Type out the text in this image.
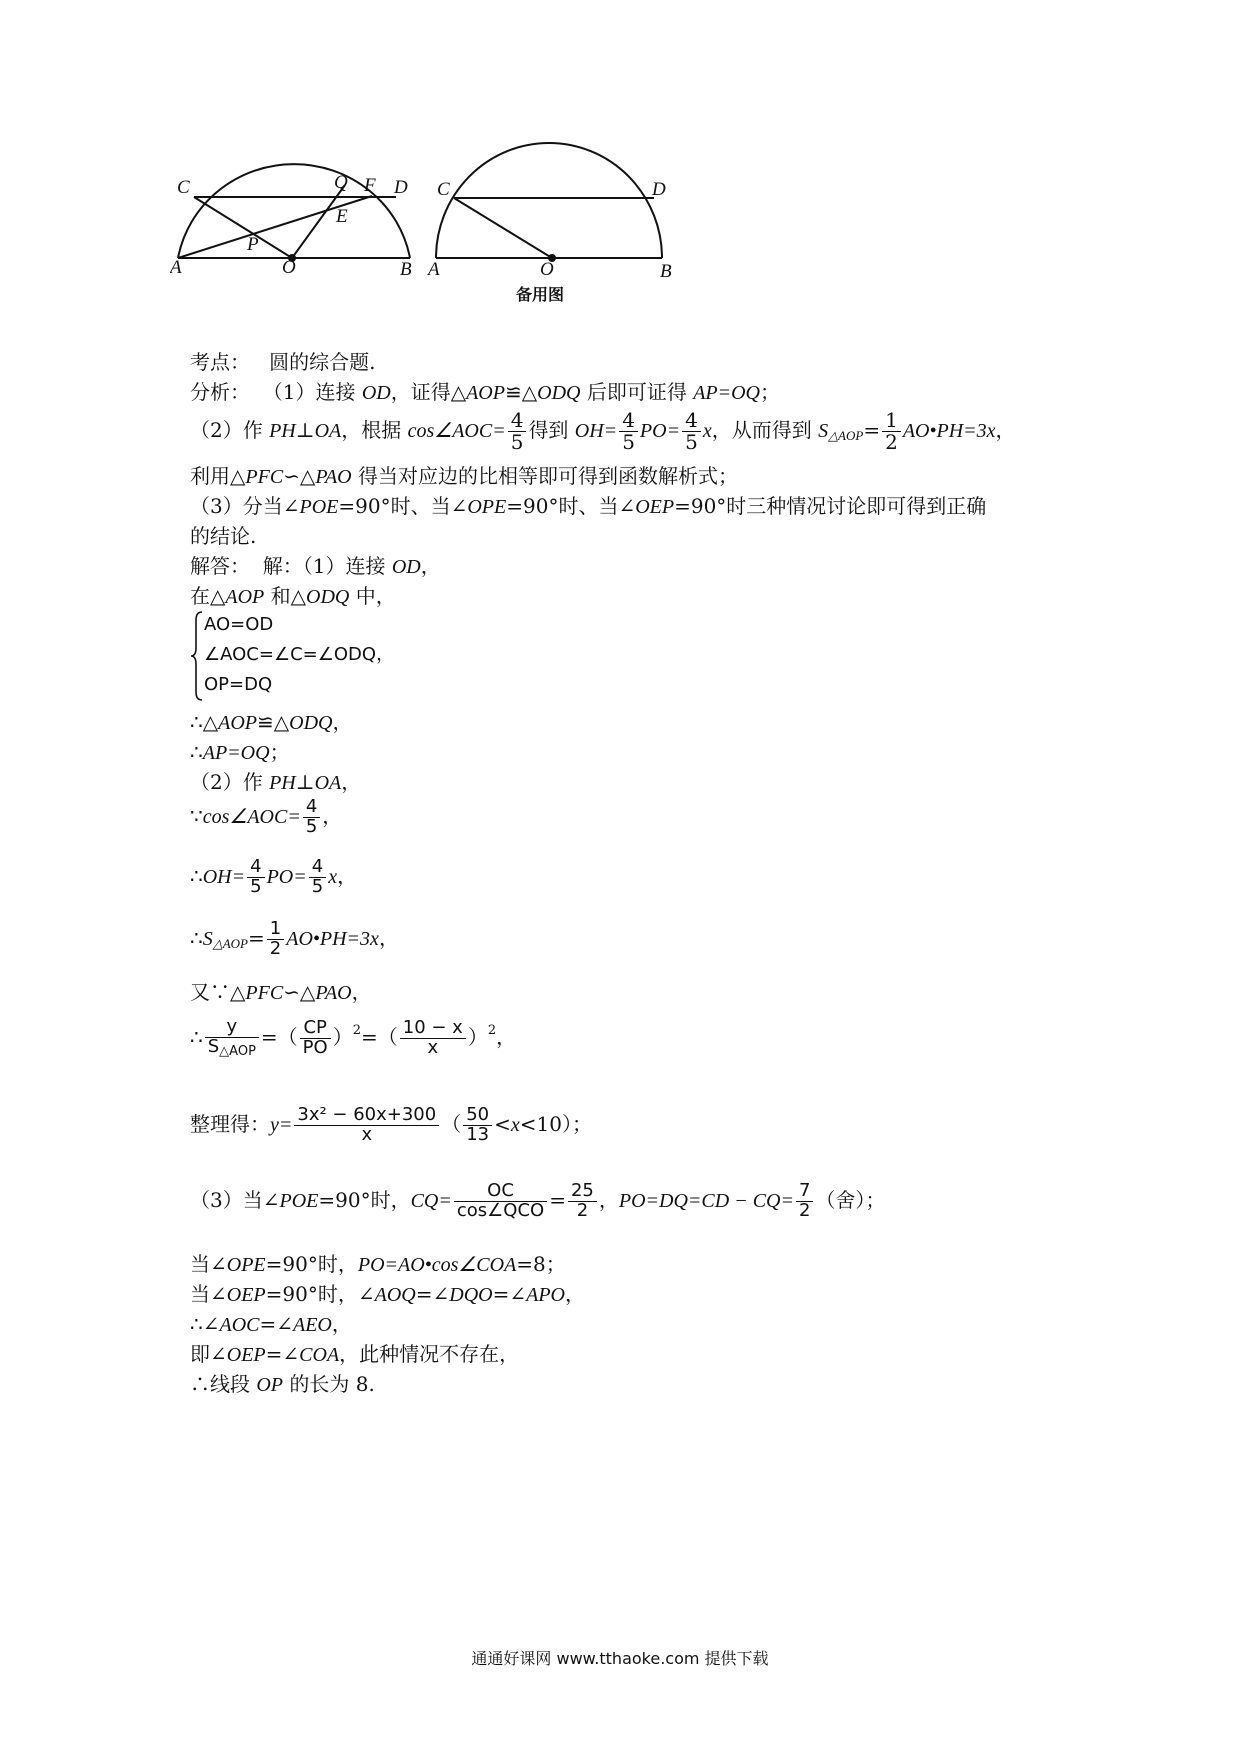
C	Q F D
E
P
A	O	B
C	D
A	O	B
备用图
考点： 圆的综合题.
分析： （1）连接 OD，证得△AOP≌△ODQ 后即可证得 AP=OQ；
（2）作 PH⊥OA，根据 cos∠AOC= $\frac{4}{5}$ 得到 $OH= \frac{4}{5} PO= \frac{4}{5}$ x，从而得到 $S_{\triangle AOP}= \frac{1}{2}$ AO•PH=3x，
利用△PFC∽△PAO 得当对应边的比相等即可得到函数解析式；
（3）分当∠POE=90°时、当∠OPE=90°时、当∠OEP=90°时三种情况讨论即可得到正确
的结论.
解答： 解：（1）连接 OD，
在△AOP 和△ODQ 中，
AO=OD
∠AOC=∠C=∠ODQ，
OP=DQ
∴△AOP≌△ODQ，
∴AP=OQ；
（2）作 PH⊥OA，
∵cos∠AOC= $\frac{4}{5}$ ，
∴OH= $\frac{4}{5} PO= \frac{4}{5}$ x，
$\therefore S_{\triangle AOP}= \frac{1}{2}$ AO•PH=3x，
又∵△PFC∽△PAO，
∴ $\frac{y}{S_{\triangle AOP}}$ =（ $\frac{CP}{PO} )^2=( \frac{10 - x}{x} )^2$，
整理得：$y= \frac{\text{3x² − 60x+300}}{x}$ （ $\frac{50}{13} <x<10$）；
（3）当∠POE=90°时，$CQ= \frac{OC}{\text{cos∠QCO}} = \frac{25}{2}$ ，$PO=DQ=CD - CQ= \frac{7}{2}$ （舍）；
当∠OPE=90°时，PO=AO•cos∠COA=8；
当∠OEP=90°时，∠AOQ=∠DQO=∠APO，
∴∠AOC=∠AEO，
即∠OEP=∠COA，此种情况不存在，
∴线段 OP 的长为 8.
通通好课网 www.tthaoke.com 提供下载
